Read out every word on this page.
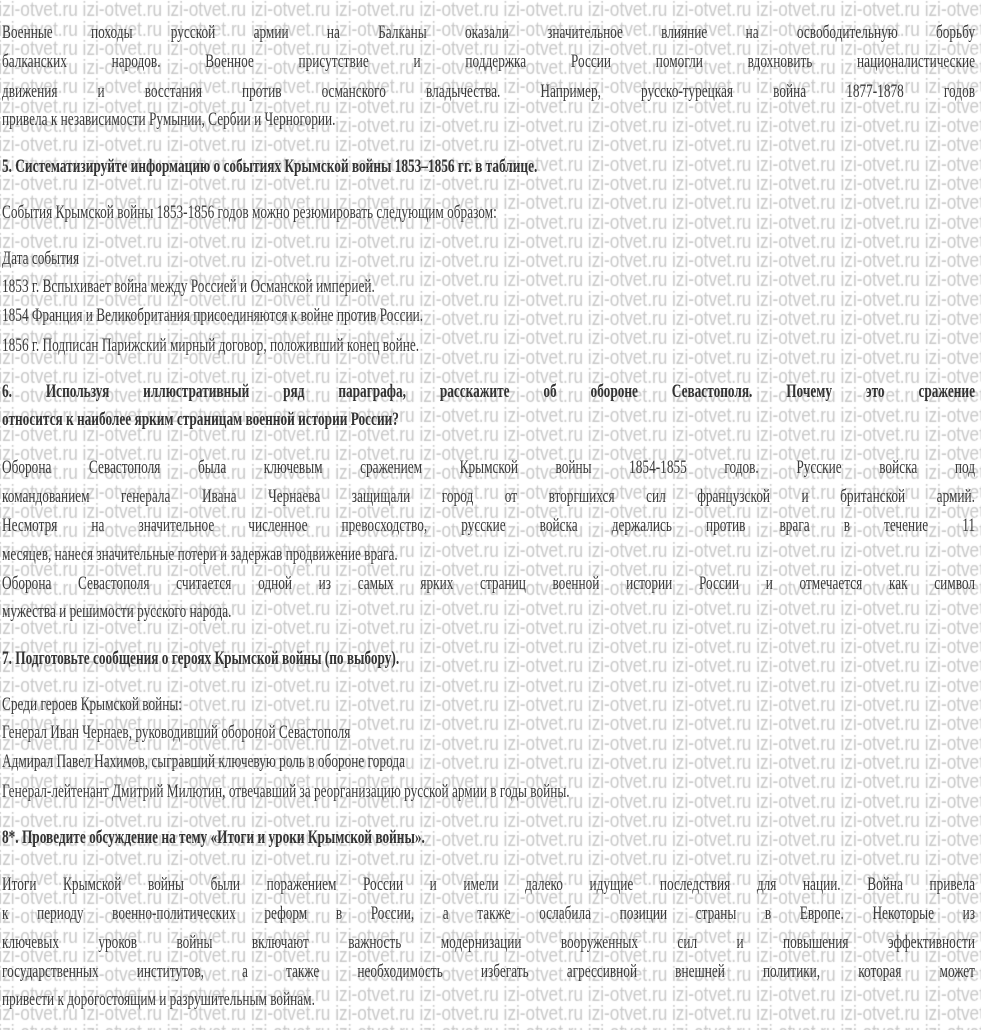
Военные походы русской армии на Балканы оказали значительное влияние на освободительную борьбу
балканских народов. Военное присутствие и поддержка России помогли вдохновить националистические
движения и восстания против османского владычества. Например, русско-турецкая война 1877-1878 годов
привела к независимости Румынии, Сербии и Черногории.
5. Систематизируйте информацию о событиях Крымской войны 1853–1856 гг. в таблице.
События Крымской войны 1853-1856 годов можно резюмировать следующим образом:
Дата события
1853 г. Вспыхивает война между Россией и Османской империей.
1854 Франция и Великобритания присоединяются к войне против России.
1856 г. Подписан Парижский мирный договор, положивший конец войне.
6. Используя иллюстративный ряд параграфа, расскажите об обороне Севастополя. Почему это сражение
относится к наиболее ярким страницам военной истории России?
Оборона Севастополя была ключевым сражением Крымской войны 1854-1855 годов. Русские войска под
командованием генерала Ивана Чернаева защищали город от вторгшихся сил французской и британской армий.
Несмотря на значительное численное превосходство, русские войска держались против врага в течение 11
месяцев, нанеся значительные потери и задержав продвижение врага.
Оборона Севастополя считается одной из самых ярких страниц военной истории России и отмечается как символ
мужества и решимости русского народа.
7. Подготовьте сообщения о героях Крымской войны (по выбору).
Среди героев Крымской войны:
Генерал Иван Чернаев, руководивший обороной Севастополя
Адмирал Павел Нахимов, сыгравший ключевую роль в обороне города
Генерал-лейтенант Дмитрий Милютин, отвечавший за реорганизацию русской армии в годы войны.
8*. Проведите обсуждение на тему «Итоги и уроки Крымской войны».
Итоги Крымской войны были поражением России и имели далеко идущие последствия для нации. Война привела
к периоду военно-политических реформ в России, а также ослабила позиции страны в Европе. Некоторые из
ключевых уроков войны включают важность модернизации вооруженных сил и повышения эффективности
государственных институтов, а также необходимость избегать агрессивной внешней политики, которая может
привести к дорогостоящим и разрушительным войнам.
